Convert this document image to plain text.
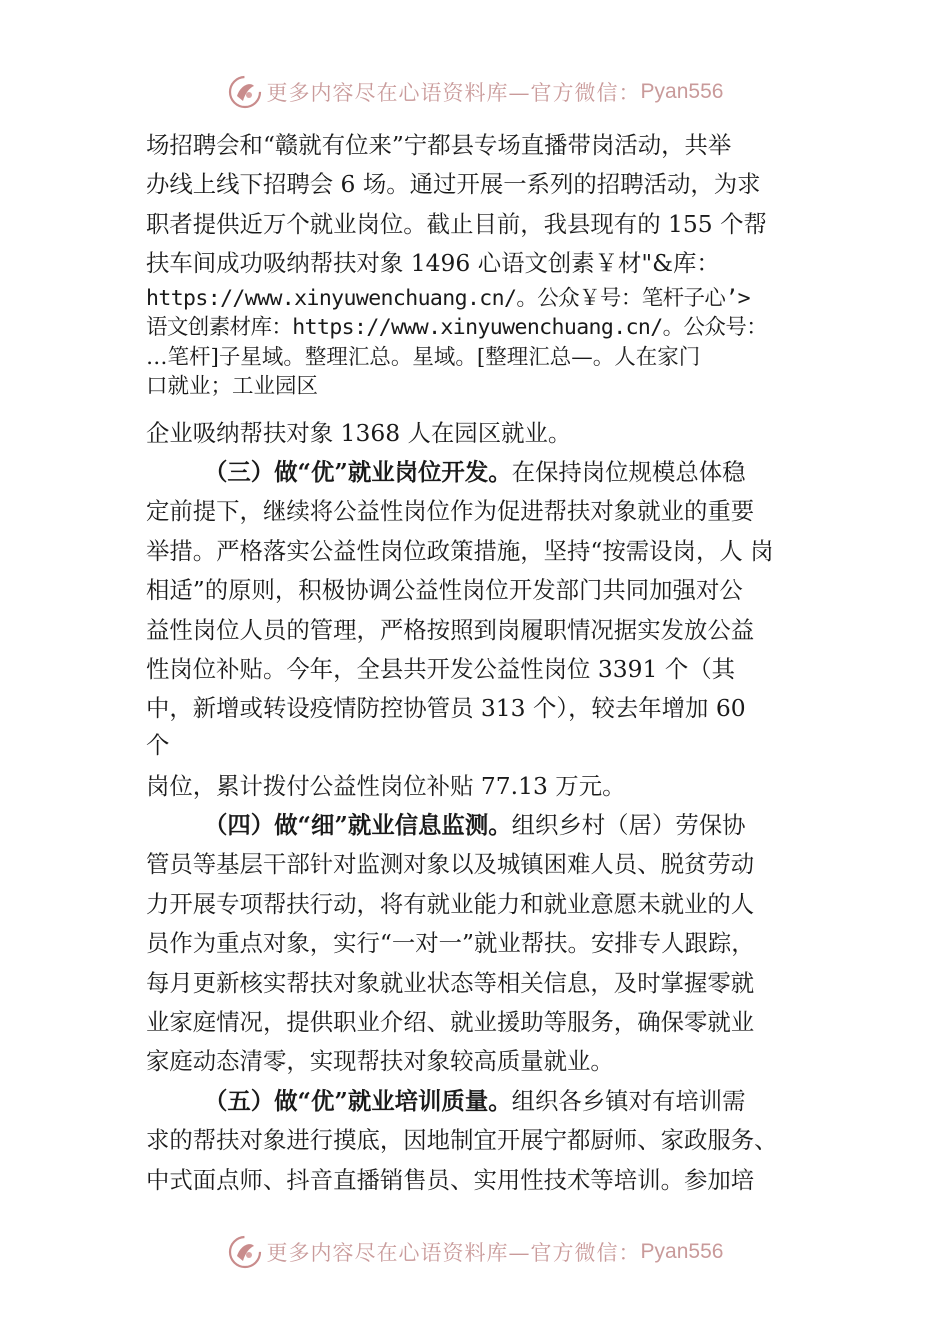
更多内容尽在心语资料库—官方微信： Pyan556
场招聘会和“赣就有位来”宁都县专场直播带岗活动，共举
办线上线下招聘会 6 场。通过开展一系列的招聘活动，为求
职者提供近万个就业岗位。截止目前，我县现有的 155 个帮
扶车间成功吸纳帮扶对象 1496 心语文创素￥材"&库：
https://www.xinyuwenchuang.cn/。公众￥号：笔杆子心’>
语文创素材库：https://www.xinyuwenchuang.cn/。公众号：
…笔杆]子星域。整理汇总。星域。[整理汇总—。人在家门
口就业；工业园区
企业吸纳帮扶对象 1368 人在园区就业。
（三）做“优”就业岗位开发。在保持岗位规模总体稳
定前提下，继续将公益性岗位作为促进帮扶对象就业的重要
举措。严格落实公益性岗位政策措施，坚持“按需设岗，人 岗
相适”的原则，积极协调公益性岗位开发部门共同加强对公
益性岗位人员的管理，严格按照到岗履职情况据实发放公益
性岗位补贴。今年，全县共开发公益性岗位 3391 个（其
中，新增或转设疫情防控协管员 313 个），较去年增加 60
个
岗位，累计拨付公益性岗位补贴 77.13 万元。
（四）做“细”就业信息监测。组织乡村（居）劳保协
管员等基层干部针对监测对象以及城镇困难人员、脱贫劳动
力开展专项帮扶行动，将有就业能力和就业意愿未就业的人
员作为重点对象，实行“一对一”就业帮扶。安排专人跟踪，
每月更新核实帮扶对象就业状态等相关信息，及时掌握零就
业家庭情况，提供职业介绍、就业援助等服务，确保零就业
家庭动态清零，实现帮扶对象较高质量就业。
（五）做“优”就业培训质量。组织各乡镇对有培训需
求的帮扶对象进行摸底，因地制宜开展宁都厨师、家政服务、
中式面点师、抖音直播销售员、实用性技术等培训。参加培
更多内容尽在心语资料库—官方微信： Pyan556
